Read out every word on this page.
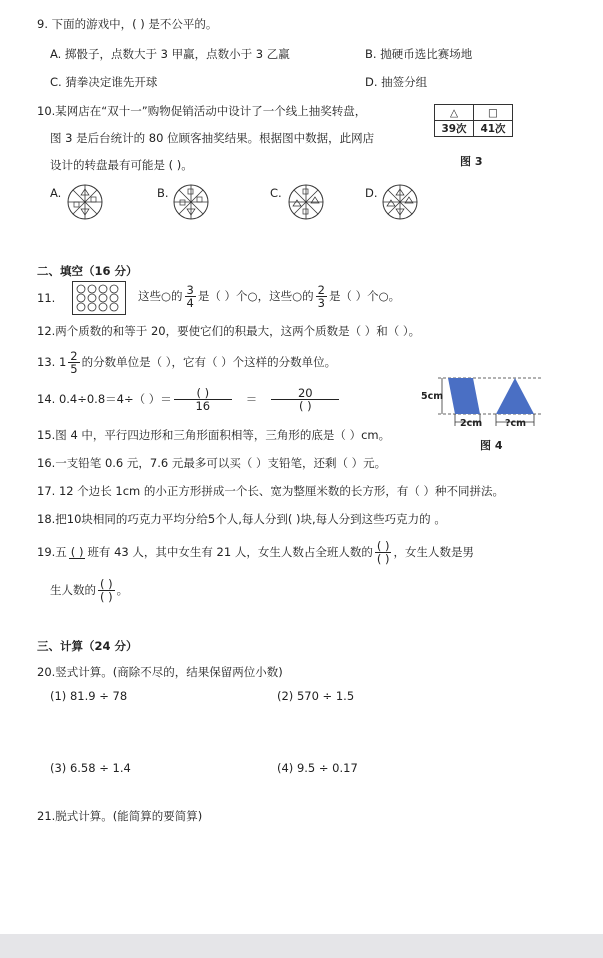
9. 下面的游戏中，( ) 是不公平的。
A. 掷骰子，点数大于 3 甲赢，点数小于 3 乙赢	B. 抛硬币选比赛场地
C. 猜拳决定谁先开球	D. 抽签分组
10.某网店在“双十一”购物促销活动中设计了一个线上抽奖转盘，
图 3 是后台统计的 80 位顾客抽奖结果。根据图中数据，此网店
设计的转盘最有可能是 ( )。
△	□
39次	41次
图 3
A.	B.	C.	D.
二、填空（16 分）
11.	这些○的 $\frac{3}{4}$ 是（ ）个○，这些○的 $\frac{2}{3}$ 是（ ）个○。
12.两个质数的和等于 20，要使它们的积最大，这两个质数是（ ）和（ ）。
13. $1 \frac{2}{5}$ 的分数单位是（ ），它有（ ）个这样的分数单位。
14. 0.4÷0.8＝4÷（ ）＝ $\frac{( )}{16} = \frac{20}{( )}$	5cm
2cm ?cm
图 4
15.图 4 中，平行四边形和三角形面积相等，三角形的底是（ ）cm。
16.一支铅笔 0.6 元，7.6 元最多可以买（ ）支铅笔，还剩（ ）元。
17. 12 个边长 1cm 的小正方形拼成一个长、宽为整厘米数的长方形，有（ ）种不同拼法。
18.把10块相同的巧克力平均分给5个人,每人分到( )块,每人分到这些巧克力的 。
19.五 ( ) 班有 43 人，其中女生有 21 人，女生人数占全班人数的 $\frac{( )}{( )}$ ，女生人数是男
生人数的 $\frac{( )}{( )}$ 。
三、计算（24 分）
20.竖式计算。(商除不尽的，结果保留两位小数)
(1) 81.9 ÷ 78	(2) 570 ÷ 1.5
(3) 6.58 ÷ 1.4	(4) 9.5 ÷ 0.17
21.脱式计算。(能简算的要简算)
